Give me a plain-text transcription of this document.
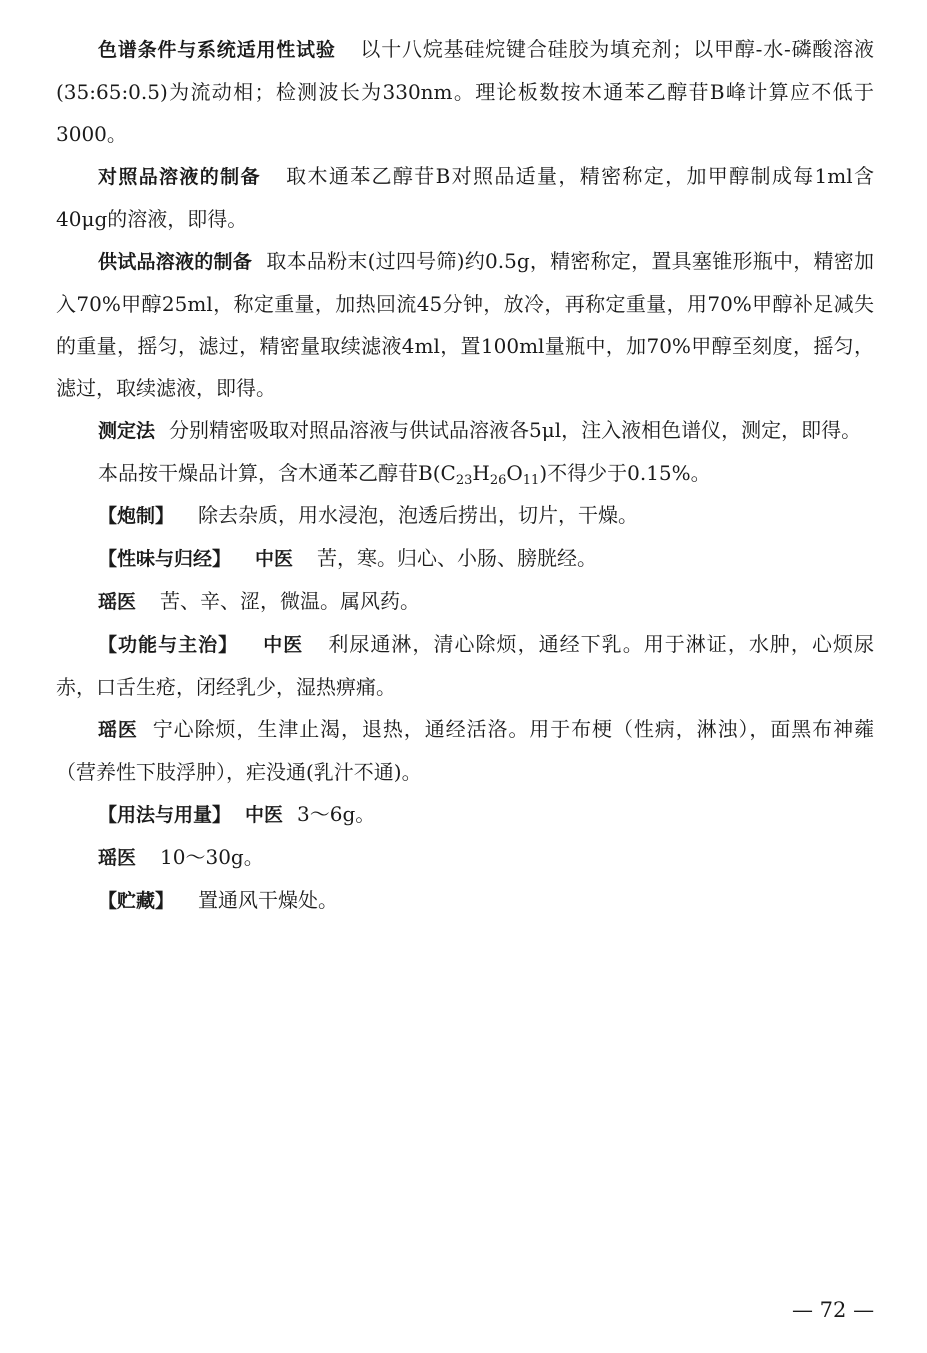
色谱条件与系统适用性试验 以十八烷基硅烷键合硅胶为填充剂；以甲醇-水-磷酸溶液(35:65:0.5)为流动相；检测波长为330nm。理论板数按木通苯乙醇苷B峰计算应不低于3000。

对照品溶液的制备 取木通苯乙醇苷B对照品适量，精密称定，加甲醇制成每1ml含40μg的溶液，即得。

供试品溶液的制备 取本品粉末(过四号筛)约0.5g，精密称定，置具塞锥形瓶中，精密加入70%甲醇25ml，称定重量，加热回流45分钟，放冷，再称定重量，用70%甲醇补足减失的重量，摇匀，滤过，精密量取续滤液4ml，置100ml量瓶中，加70%甲醇至刻度，摇匀，滤过，取续滤液，即得。

测定法 分别精密吸取对照品溶液与供试品溶液各5μl，注入液相色谱仪，测定，即得。

本品按干燥品计算，含木通苯乙醇苷$B(C_{23}H_{26}O_{11})$不得少于0.15%。

【炮制】 除去杂质，用水浸泡，泡透后捞出，切片，干燥。

【性味与归经】 中医 苦，寒。归心、小肠、膀胱经。

瑶医 苦、辛、涩，微温。属风药。

【功能与主治】 中医 利尿通淋，清心除烦，通经下乳。用于淋证，水肿，心烦尿赤，口舌生疮，闭经乳少，湿热痹痛。

瑶医 宁心除烦，生津止渴，退热，通经活洛。用于布梗（性病，淋浊），面黑布神蕹（营养性下肢浮肿），疟没通(乳汁不通)。

【用法与用量】 中医 3～6g。

瑶医 10～30g。

【贮藏】 置通风干燥处。

— 72 —
